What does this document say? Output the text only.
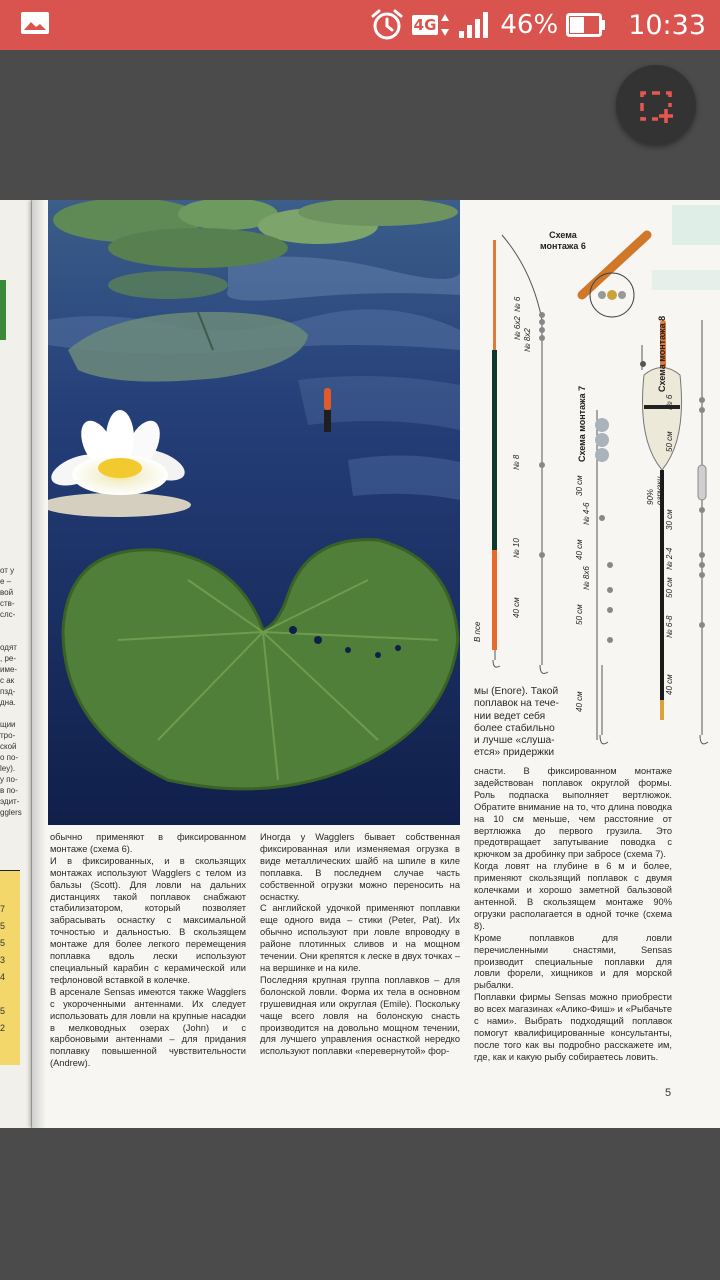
4G 46%	10:33
от у
е –
вой
ств-
слс-

одят
, ре-
име-
с ак
пзд-
дна.

щии
тро-
ской
о по-
ley).
у по-
в по-
эдит-
gglers
7
5
5
3
4

5
2
Схема
монтажа 6
№ 6
№ 6х2
№ 8х2
№ 8
№ 10
40 см
В псе
Схема монтажа 7
30 см
№ 4-6
40 см
№ 8х6
50 см
40 см
Схема монтажа 8
№ 6
50 см
90% огрузки
30 см
№ 2-4
50 см
№ 6-8
40 см
мы (Enore). Такой
поплавок на тече-
нии ведет себя
более стабильно
и лучше «слуша-
ется» придержки
снасти. В фиксированном монтаже задействован поплавок округлой формы. Роль подпаска выполняет вертлюжок. Обратите внимание на то, что длина поводка на 10 см меньше, чем расстояние от вертлюжка до первого грузила. Это предотвращает запутывание поводка с крючком за дробинку при забросе (схема 7).
Когда ловят на глубине в 6 м и более, применяют скользящий поплавок с двумя колечками и хорошо заметной бальзовой антенной. В скользящем монтаже 90% огрузки располагается в одной точке (схема 8).
Кроме поплавков для ловли перечисленными снастями, Sensas производит специальные поплавки для ловли форели, хищников и для морской рыбалки.
Поплавки фирмы Sensas можно приобрести во всех магазинах «Алико-Фиш» и «Рыбачьте с нами». Выбрать подходящий поплавок помогут квалифицированные консультанты, после того как вы подробно расскажете им, где, как и какую рыбу собираетесь ловить.
обычно применяют в фиксированном монтаже (схема 6).
И в фиксированных, и в скользящих монтажах используют Wagglers с телом из бальзы (Scott). Для ловли на дальних дистанциях такой поплавок снабжают стабилизатором, который позволяет забрасывать оснастку с максимальной точностью и дальностью. В скользящем монтаже для более легкого перемещения поплавка вдоль лески используют специальный карабин с керамической или тефлоновой вставкой в колечке.
В арсенале Sensas имеются также Wagglers с укороченными антеннами. Их следует использовать для ловли на крупные насадки в мелководных озерах (John) и с карбоновыми антеннами – для придания поплавку повышенной чувствительности (Andrew).
Иногда у Wagglers бывает собственная фиксированная или изменяемая огрузка в виде металлических шайб на шпиле в киле поплавка. В последнем случае часть собственной огрузки можно переносить на оснастку.
С английской удочкой применяют поплавки еще одного вида – стики (Peter, Pat). Их обычно используют при ловле впроводку в районе плотинных сливов и на мощном течении. Они крепятся к леске в двух точках – на вершинке и на киле.
Последняя крупная группа поплавков – для болонской ловли. Форма их тела в основном грушевидная или округлая (Emile). Поскольку чаще всего ловля на болонскую снасть производится на довольно мощном течении, для лучшего управления оснасткой нередко используют поплавки «перевернутой» фор-
5
